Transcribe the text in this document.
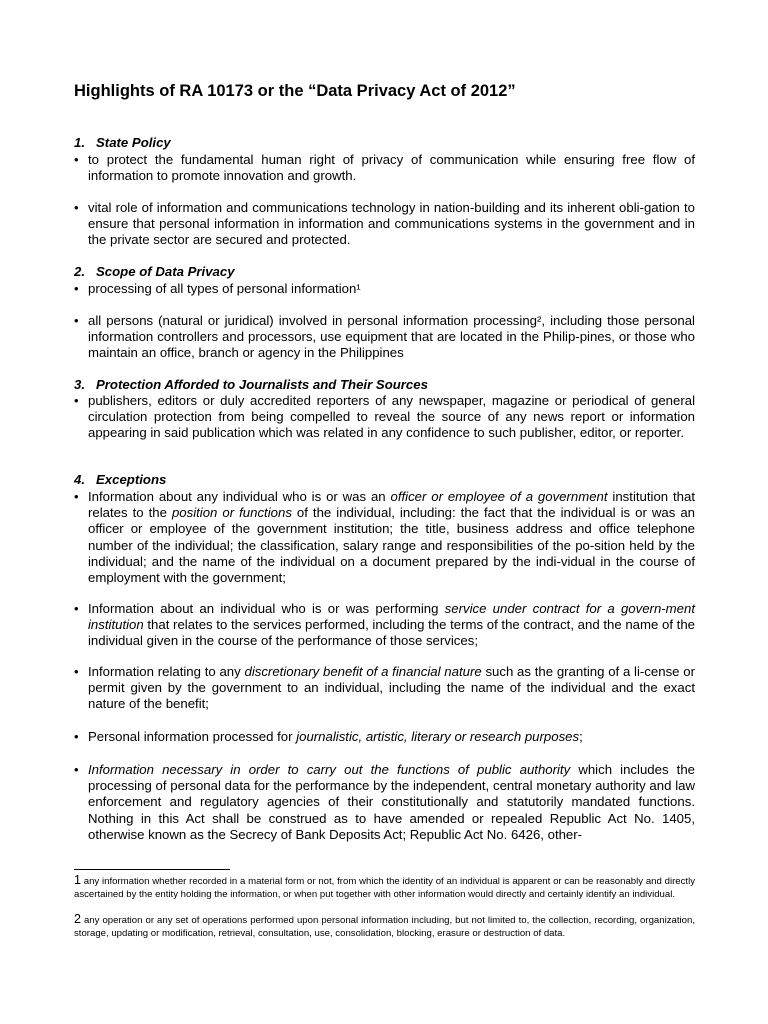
Highlights of RA 10173 or the “Data Privacy Act of 2012”

1. State Policy

• to protect the fundamental human right of privacy of communication while ensuring free flow of information to promote innovation and growth.
• vital role of information and communications technology in nation-building and its inherent obli-gation to ensure that personal information in information and communications systems in the government and in the private sector are secured and protected.

2. Scope of Data Privacy

• processing of all types of personal information¹
• all persons (natural or juridical) involved in personal information processing², including those personal information controllers and processors, use equipment that are located in the Philip-pines, or those who maintain an office, branch or agency in the Philippines

3. Protection Afforded to Journalists and Their Sources

• publishers, editors or duly accredited reporters of any newspaper, magazine or periodical of general circulation protection from being compelled to reveal the source of any news report or information appearing in said publication which was related in any confidence to such publisher, editor, or reporter.

4. Exceptions

• Information about any individual who is or was an officer or employee of a government institution that relates to the position or functions of the individual, including: the fact that the individual is or was an officer or employee of the government institution; the title, business address and office telephone number of the individual; the classification, salary range and responsibilities of the po-sition held by the individual; and the name of the individual on a document prepared by the indi-vidual in the course of employment with the government;
• Information about an individual who is or was performing service under contract for a govern-ment institution that relates to the services performed, including the terms of the contract, and the name of the individual given in the course of the performance of those services;
• Information relating to any discretionary benefit of a financial nature such as the granting of a li-cense or permit given by the government to an individual, including the name of the individual and the exact nature of the benefit;
• Personal information processed for journalistic, artistic, literary or research purposes;
• Information necessary in order to carry out the functions of public authority which includes the processing of personal data for the performance by the independent, central monetary authority and law enforcement and regulatory agencies of their constitutionally and statutorily mandated functions. Nothing in this Act shall be construed as to have amended or repealed Republic Act No. 1405, otherwise known as the Secrecy of Bank Deposits Act; Republic Act No. 6426, other-

1 any information whether recorded in a material form or not, from which the identity of an individual is apparent or can be reasonably and directly ascertained by the entity holding the information, or when put together with other information would directly and certainly identify an individual.

2 any operation or any set of operations performed upon personal information including, but not limited to, the collection, recording, organization, storage, updating or modification, retrieval, consultation, use, consolidation, blocking, erasure or destruction of data.
